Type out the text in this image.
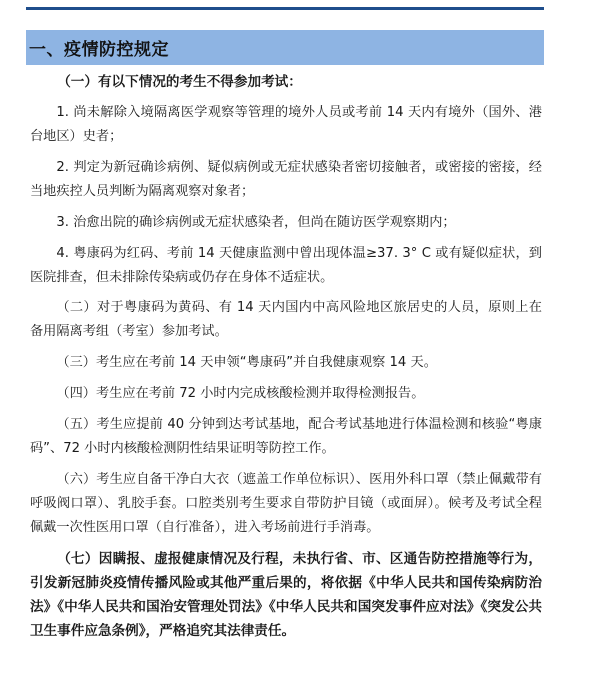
一、疫情防控规定

（一）有以下情况的考生不得参加考试：

1. 尚未解除入境隔离医学观察等管理的境外人员或考前 14 天内有境外（国外、港台地区）史者；

2. 判定为新冠确诊病例、疑似病例或无症状感染者密切接触者，或密接的密接，经当地疾控人员判断为隔离观察对象者；

3. 治愈出院的确诊病例或无症状感染者，但尚在随访医学观察期内；

4. 粤康码为红码、考前 14 天健康监测中曾出现体温≥37. 3° C 或有疑似症状，到医院排查，但未排除传染病或仍存在身体不适症状。

（二）对于粤康码为黄码、有 14 天内国内中高风险地区旅居史的人员，原则上在备用隔离考组（考室）参加考试。

（三）考生应在考前 14 天申领“粤康码”并自我健康观察 14 天。

（四）考生应在考前 72 小时内完成核酸检测并取得检测报告。

（五）考生应提前 40 分钟到达考试基地，配合考试基地进行体温检测和核验“粤康码”、72 小时内核酸检测阴性结果证明等防控工作。

（六）考生应自备干净白大衣（遮盖工作单位标识）、医用外科口罩（禁止佩戴带有呼吸阀口罩）、乳胶手套。口腔类别考生要求自带防护目镜（或面屏）。候考及考试全程佩戴一次性医用口罩（自行准备），进入考场前进行手消毒。

（七）因瞒报、虚报健康情况及行程，未执行省、市、区通告防控措施等行为，引发新冠肺炎疫情传播风险或其他严重后果的，将依据《中华人民共和国传染病防治法》《中华人民共和国治安管理处罚法》《中华人民共和国突发事件应对法》《突发公共卫生事件应急条例》，严格追究其法律责任。
